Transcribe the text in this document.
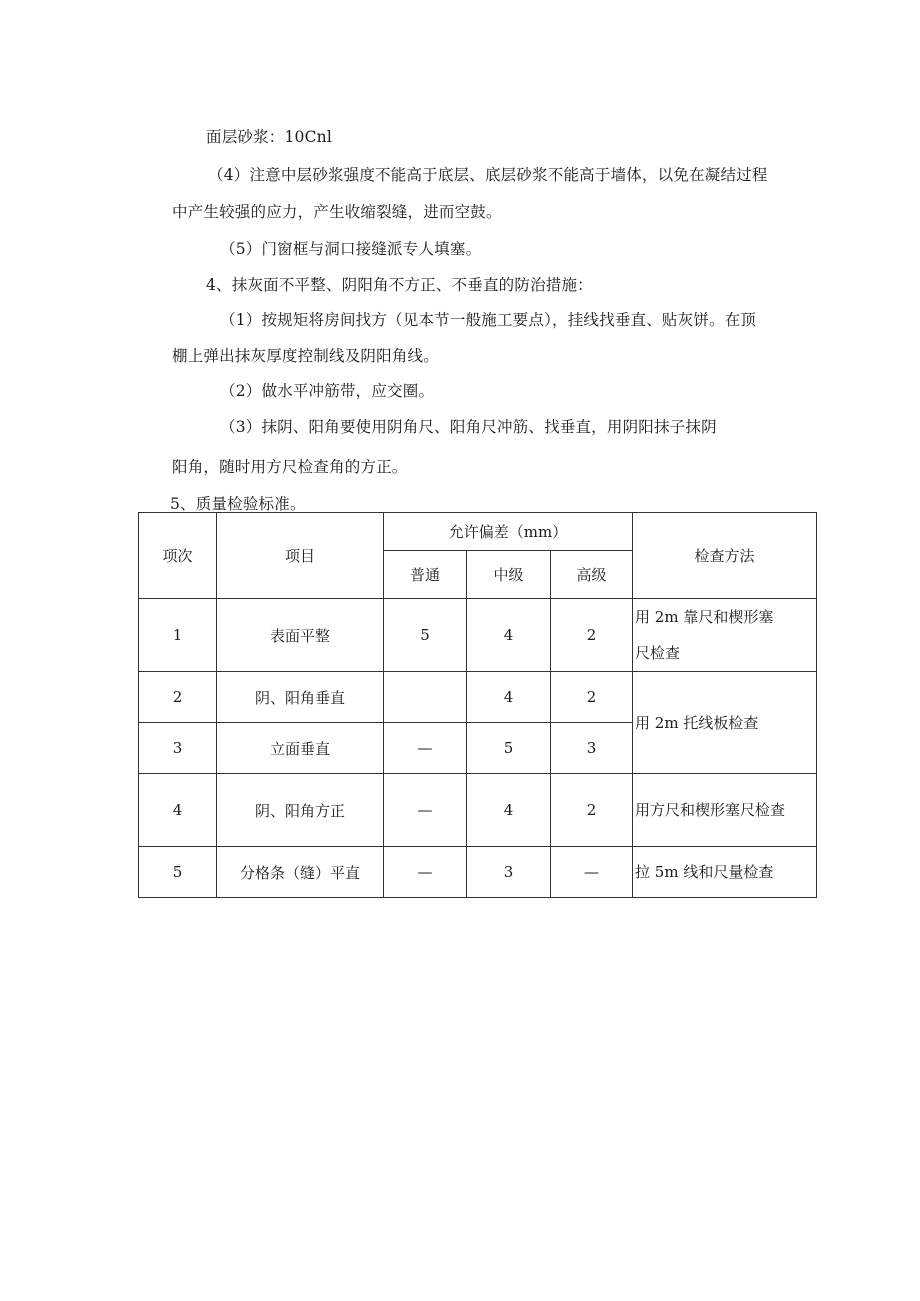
面层砂浆：10Cnl
（4）注意中层砂浆强度不能高于底层、底层砂浆不能高于墙体，以免在凝结过程
中产生较强的应力，产生收缩裂缝，进而空鼓。
（5）门窗框与洞口接缝派专人填塞。
4、抹灰面不平整、阴阳角不方正、不垂直的防治措施：
（1）按规矩将房间找方（见本节一般施工要点），挂线找垂直、贴灰饼。在顶
棚上弹出抹灰厚度控制线及阴阳角线。
（2）做水平冲筋带，应交圈。
（3）抹阴、阳角要使用阴角尺、阳角尺冲筋、找垂直，用阴阳抹子抹阴
阳角，随时用方尺检查角的方正。
5、质量检验标准。
项次	项目	允许偏差（mm）			检查方法
		普通	中级	高级	
1	表面平整	5	4	2	用 2m 靠尺和楔形塞
尺检查

2	阴、阳角垂直		4	2	用 2m 托线板检查
3	立面垂直	—	5	3	
4	阴、阳角方正	—	4	2	用方尺和楔形塞尺检查
5	分格条（缝）平直	—	3	—	拉 5m 线和尺量检查
